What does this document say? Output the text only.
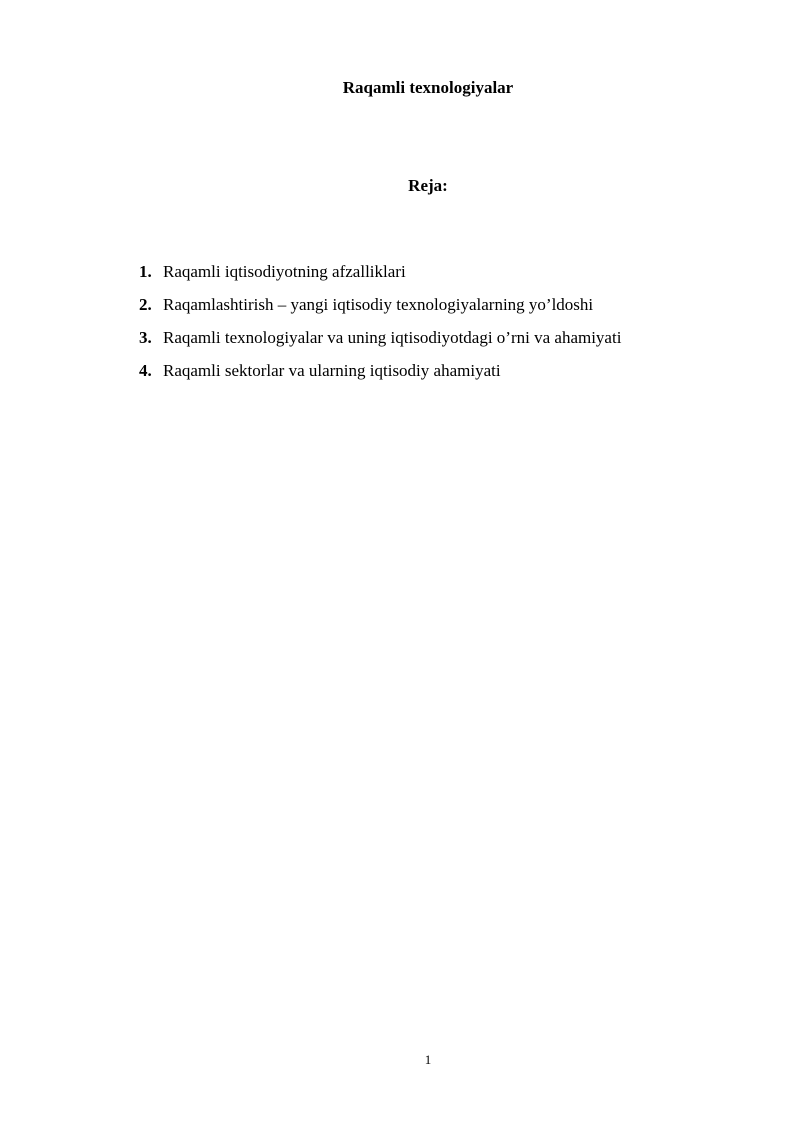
Raqamli texnologiyalar
Reja:
1. Raqamli iqtisodiyotning afzalliklari
2. Raqamlashtirish – yangi iqtisodiy texnologiyalarning yo’ldoshi
3. Raqamli texnologiyalar va uning iqtisodiyotdagi o’rni va ahamiyati
4. Raqamli sektorlar va ularning iqtisodiy ahamiyati
1
